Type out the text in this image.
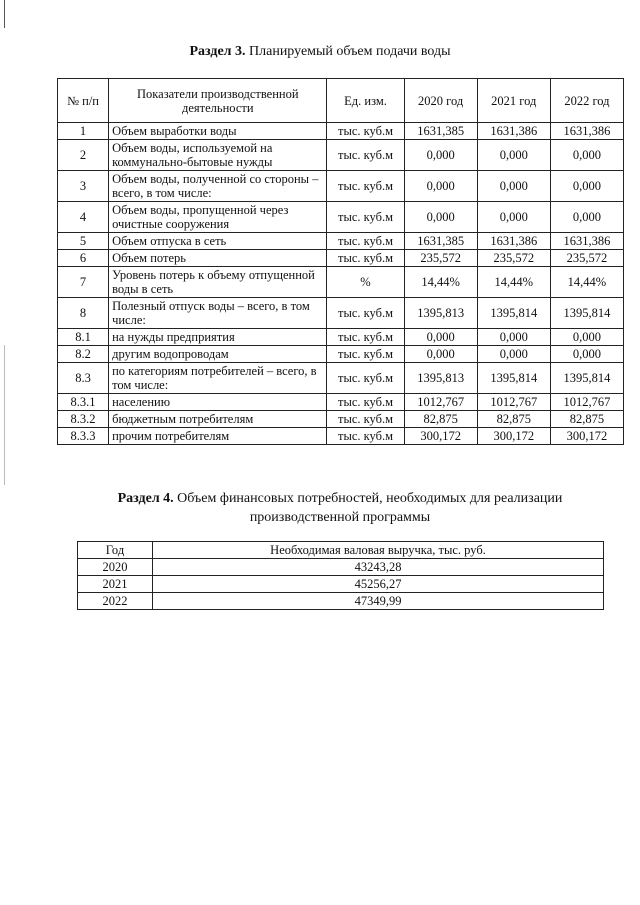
Раздел 3. Планируемый объем подачи воды
№ п/п	Показатели производственной деятельности	Ед. изм.	2020 год	2021 год	2022 год
1	Объем выработки воды	тыс. куб.м	1631,385	1631,386	1631,386
2	Объем воды, используемой на коммунально-бытовые нужды	тыс. куб.м	0,000	0,000	0,000
3	Объем воды, полученной со стороны – всего, в том числе:	тыс. куб.м	0,000	0,000	0,000
4	Объем воды, пропущенной через очистные сооружения	тыс. куб.м	0,000	0,000	0,000
5	Объем отпуска в сеть	тыс. куб.м	1631,385	1631,386	1631,386
6	Объем потерь	тыс. куб.м	235,572	235,572	235,572
7	Уровень потерь к объему отпущенной воды в сеть	%	14,44%	14,44%	14,44%
8	Полезный отпуск воды – всего, в том числе:	тыс. куб.м	1395,813	1395,814	1395,814
8.1	на нужды предприятия	тыс. куб.м	0,000	0,000	0,000
8.2	другим водопроводам	тыс. куб.м	0,000	0,000	0,000
8.3	по категориям потребителей – всего, в том числе:	тыс. куб.м	1395,813	1395,814	1395,814
8.3.1	населению	тыс. куб.м	1012,767	1012,767	1012,767
8.3.2	бюджетным потребителям	тыс. куб.м	82,875	82,875	82,875
8.3.3	прочим потребителям	тыс. куб.м	300,172	300,172	300,172
Раздел 4. Объем финансовых потребностей, необходимых для реализации производственной программы
Год	Необходимая валовая выручка, тыс. руб.
2020	43243,28
2021	45256,27
2022	47349,99
